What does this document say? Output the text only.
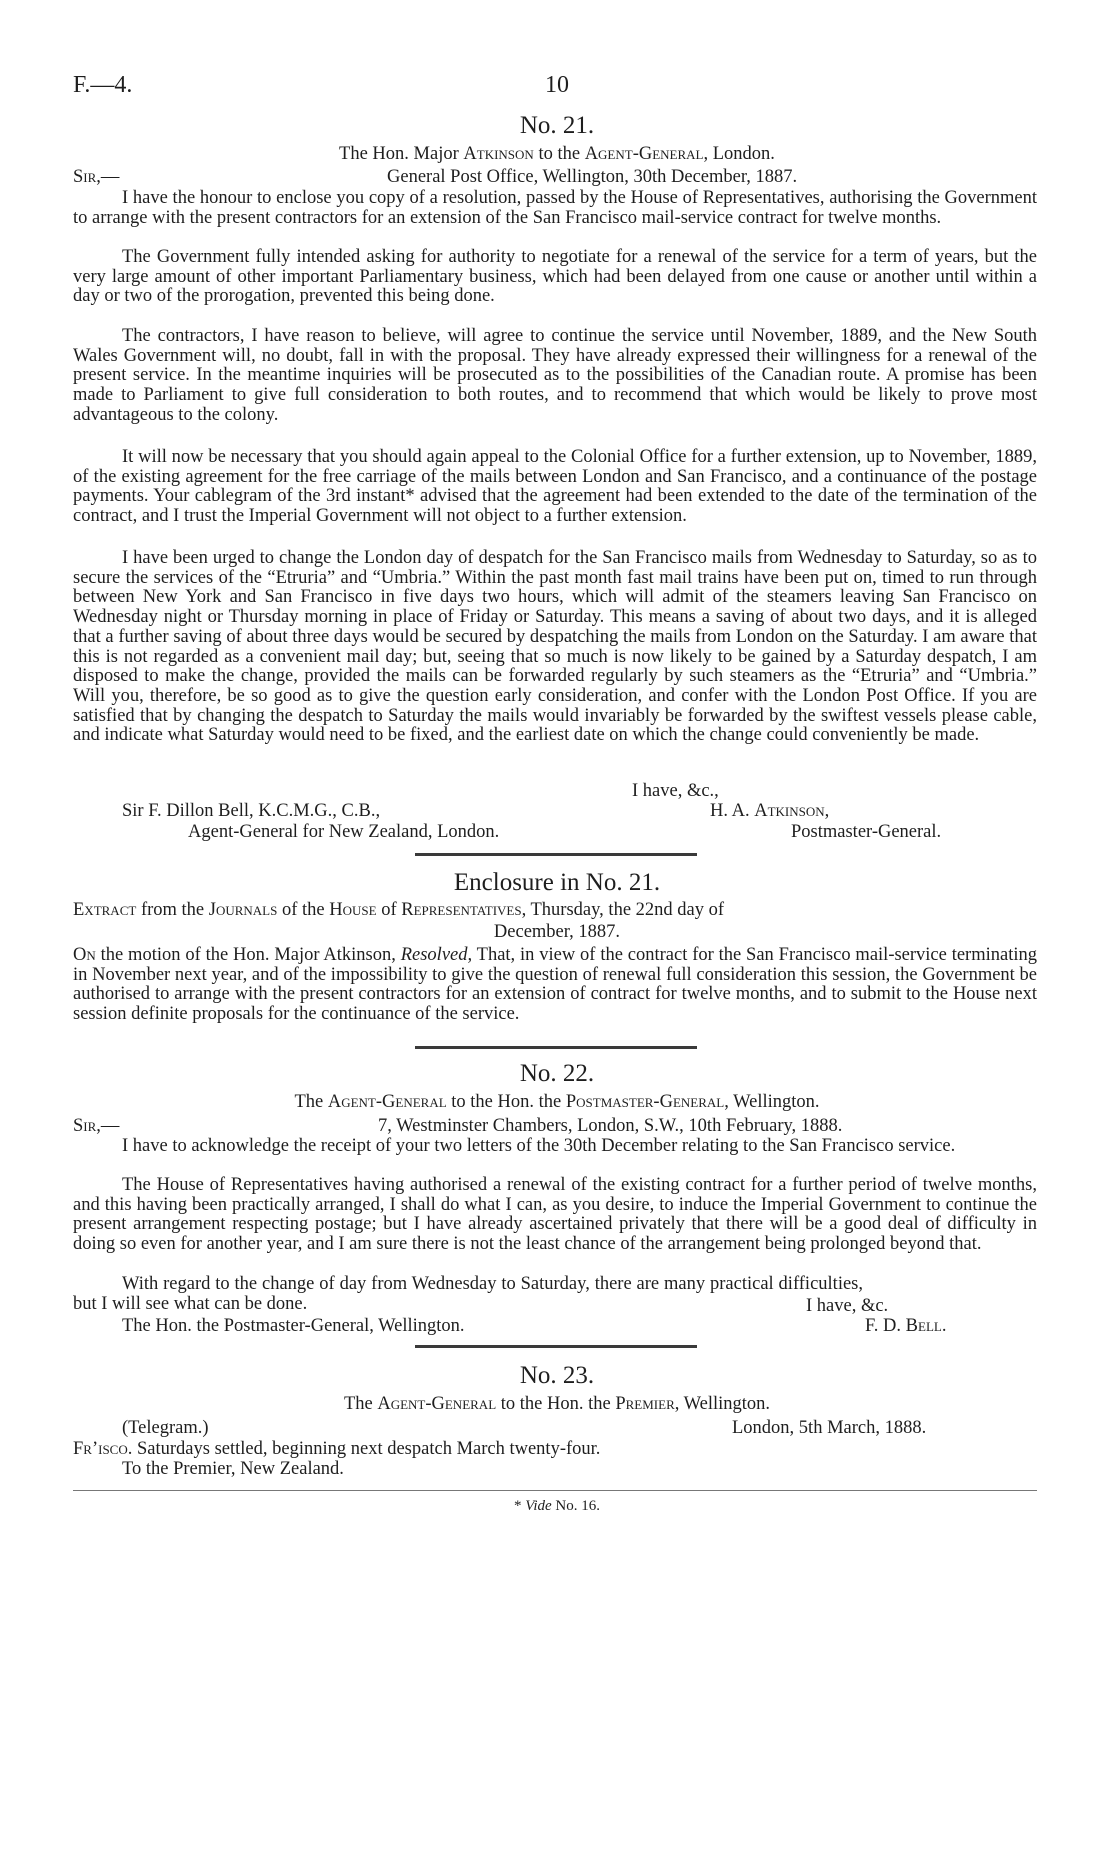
F.—4.	10
No. 21.
The Hon. Major Atkinson to the Agent-General, London.
Sir,—	General Post Office, Wellington, 30th December, 1887.

I have the honour to enclose you copy of a resolution, passed by the House of Representatives, authorising the Government to arrange with the present contractors for an extension of the San Francisco mail-service contract for twelve months.

The Government fully intended asking for authority to negotiate for a renewal of the service for a term of years, but the very large amount of other important Parliamentary business, which had been delayed from one cause or another until within a day or two of the prorogation, prevented this being done.

The contractors, I have reason to believe, will agree to continue the service until November, 1889, and the New South Wales Government will, no doubt, fall in with the proposal. They have already expressed their willingness for a renewal of the present service. In the meantime inquiries will be prosecuted as to the possibilities of the Canadian route. A promise has been made to Parliament to give full consideration to both routes, and to recommend that which would be likely to prove most advantageous to the colony.

It will now be necessary that you should again appeal to the Colonial Office for a further extension, up to November, 1889, of the existing agreement for the free carriage of the mails between London and San Francisco, and a continuance of the postage payments. Your cablegram of the 3rd instant* advised that the agreement had been extended to the date of the termination of the contract, and I trust the Imperial Government will not object to a further extension.

I have been urged to change the London day of despatch for the San Francisco mails from Wednesday to Saturday, so as to secure the services of the “Etruria” and “Umbria.” Within the past month fast mail trains have been put on, timed to run through between New York and San Francisco in five days two hours, which will admit of the steamers leaving San Francisco on Wednesday night or Thursday morning in place of Friday or Saturday. This means a saving of about two days, and it is alleged that a further saving of about three days would be secured by despatching the mails from London on the Saturday. I am aware that this is not regarded as a convenient mail day; but, seeing that so much is now likely to be gained by a Saturday despatch, I am disposed to make the change, provided the mails can be forwarded regularly by such steamers as the “Etruria” and “Umbria.” Will you, therefore, be so good as to give the question early consideration, and confer with the London Post Office. If you are satisfied that by changing the despatch to Saturday the mails would invariably be forwarded by the swiftest vessels please cable, and indicate what Saturday would need to be fixed, and the earliest date on which the change could conveniently be made.

I have, &c.,
Sir F. Dillon Bell, K.C.M.G., C.B.,	H. A. Atkinson,
Agent-General for New Zealand, London.	Postmaster-General.
Enclosure in No. 21.
Extract from the Journals of the House of Representatives, Thursday, the 22nd day of
December, 1887.

On the motion of the Hon. Major Atkinson, Resolved, That, in view of the contract for the San Francisco mail-service terminating in November next year, and of the impossibility to give the question of renewal full consideration this session, the Government be authorised to arrange with the present contractors for an extension of contract for twelve months, and to submit to the House next session definite proposals for the continuance of the service.

No. 22.
The Agent-General to the Hon. the Postmaster-General, Wellington.
Sir,—	7, Westminster Chambers, London, S.W., 10th February, 1888.

I have to acknowledge the receipt of your two letters of the 30th December relating to the San Francisco service.

The House of Representatives having authorised a renewal of the existing contract for a further period of twelve months, and this having been practically arranged, I shall do what I can, as you desire, to induce the Imperial Government to continue the present arrangement respecting postage; but I have already ascertained privately that there will be a good deal of difficulty in doing so even for another year, and I am sure there is not the least chance of the arrangement being prolonged beyond that.

With regard to the change of day from Wednesday to Saturday, there are many practical difficulties, but I will see what can be done.	I have, &c.
The Hon. the Postmaster-General, Wellington.	F. D. Bell.
No. 23.
The Agent-General to the Hon. the Premier, Wellington.
(Telegram.)	London, 5th March, 1888.
Fr’isco. Saturdays settled, beginning next despatch March twenty-four.
To the Premier, New Zealand.
* Vide No. 16.
